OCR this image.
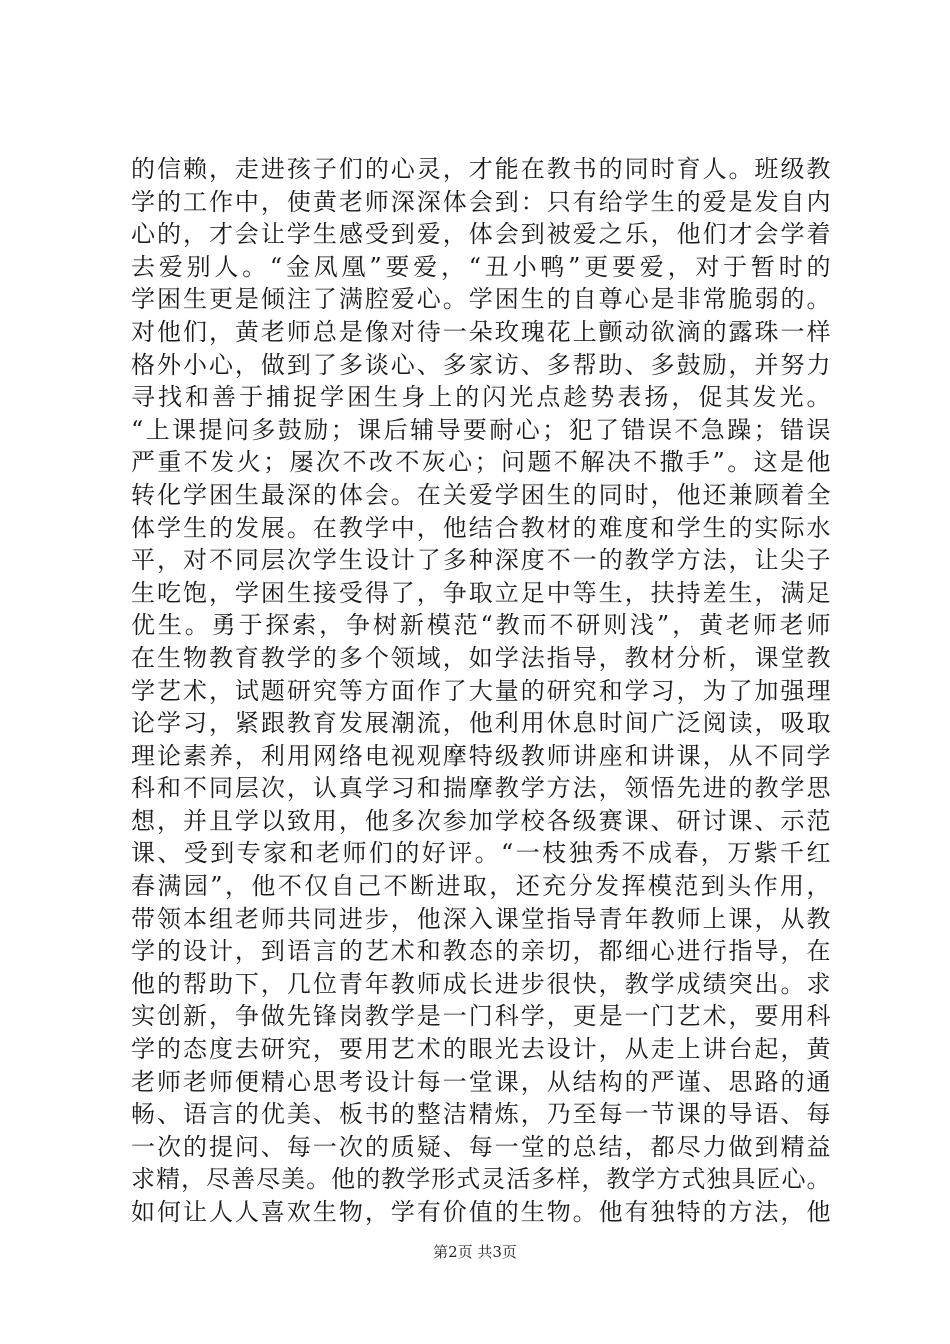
的信赖，走进孩子们的心灵，才能在教书的同时育人。班级教
学的工作中，使黄老师深深体会到：只有给学生的爱是发自内
心的，才会让学生感受到爱，体会到被爱之乐，他们才会学着
去爱别人。“金凤凰”要爱，“丑小鸭”更要爱，对于暂时的
学困生更是倾注了满腔爱心。学困生的自尊心是非常脆弱的。
对他们，黄老师总是像对待一朵玫瑰花上颤动欲滴的露珠一样
格外小心，做到了多谈心、多家访、多帮助、多鼓励，并努力
寻找和善于捕捉学困生身上的闪光点趁势表扬，促其发光。
“上课提问多鼓励；课后辅导要耐心；犯了错误不急躁；错误
严重不发火；屡次不改不灰心；问题不解决不撒手”。这是他
转化学困生最深的体会。在关爱学困生的同时，他还兼顾着全
体学生的发展。在教学中，他结合教材的难度和学生的实际水
平，对不同层次学生设计了多种深度不一的教学方法，让尖子
生吃饱，学困生接受得了，争取立足中等生，扶持差生，满足
优生。勇于探索，争树新模范“教而不研则浅”，黄老师老师
在生物教育教学的多个领域，如学法指导，教材分析，课堂教
学艺术，试题研究等方面作了大量的研究和学习，为了加强理
论学习，紧跟教育发展潮流，他利用休息时间广泛阅读，吸取
理论素养，利用网络电视观摩特级教师讲座和讲课，从不同学
科和不同层次，认真学习和揣摩教学方法，领悟先进的教学思
想，并且学以致用，他多次参加学校各级赛课、研讨课、示范
课、受到专家和老师们的好评。“一枝独秀不成春，万紫千红
春满园”，他不仅自己不断进取，还充分发挥模范到头作用，
带领本组老师共同进步，他深入课堂指导青年教师上课，从教
学的设计，到语言的艺术和教态的亲切，都细心进行指导，在
他的帮助下，几位青年教师成长进步很快，教学成绩突出。求
实创新，争做先锋岗教学是一门科学，更是一门艺术，要用科
学的态度去研究，要用艺术的眼光去设计，从走上讲台起，黄
老师老师便精心思考设计每一堂课，从结构的严谨、思路的通
畅、语言的优美、板书的整洁精炼，乃至每一节课的导语、每
一次的提问、每一次的质疑、每一堂的总结，都尽力做到精益
求精，尽善尽美。他的教学形式灵活多样，教学方式独具匠心。
如何让人人喜欢生物，学有价值的生物。他有独特的方法，他
第2页 共3页
